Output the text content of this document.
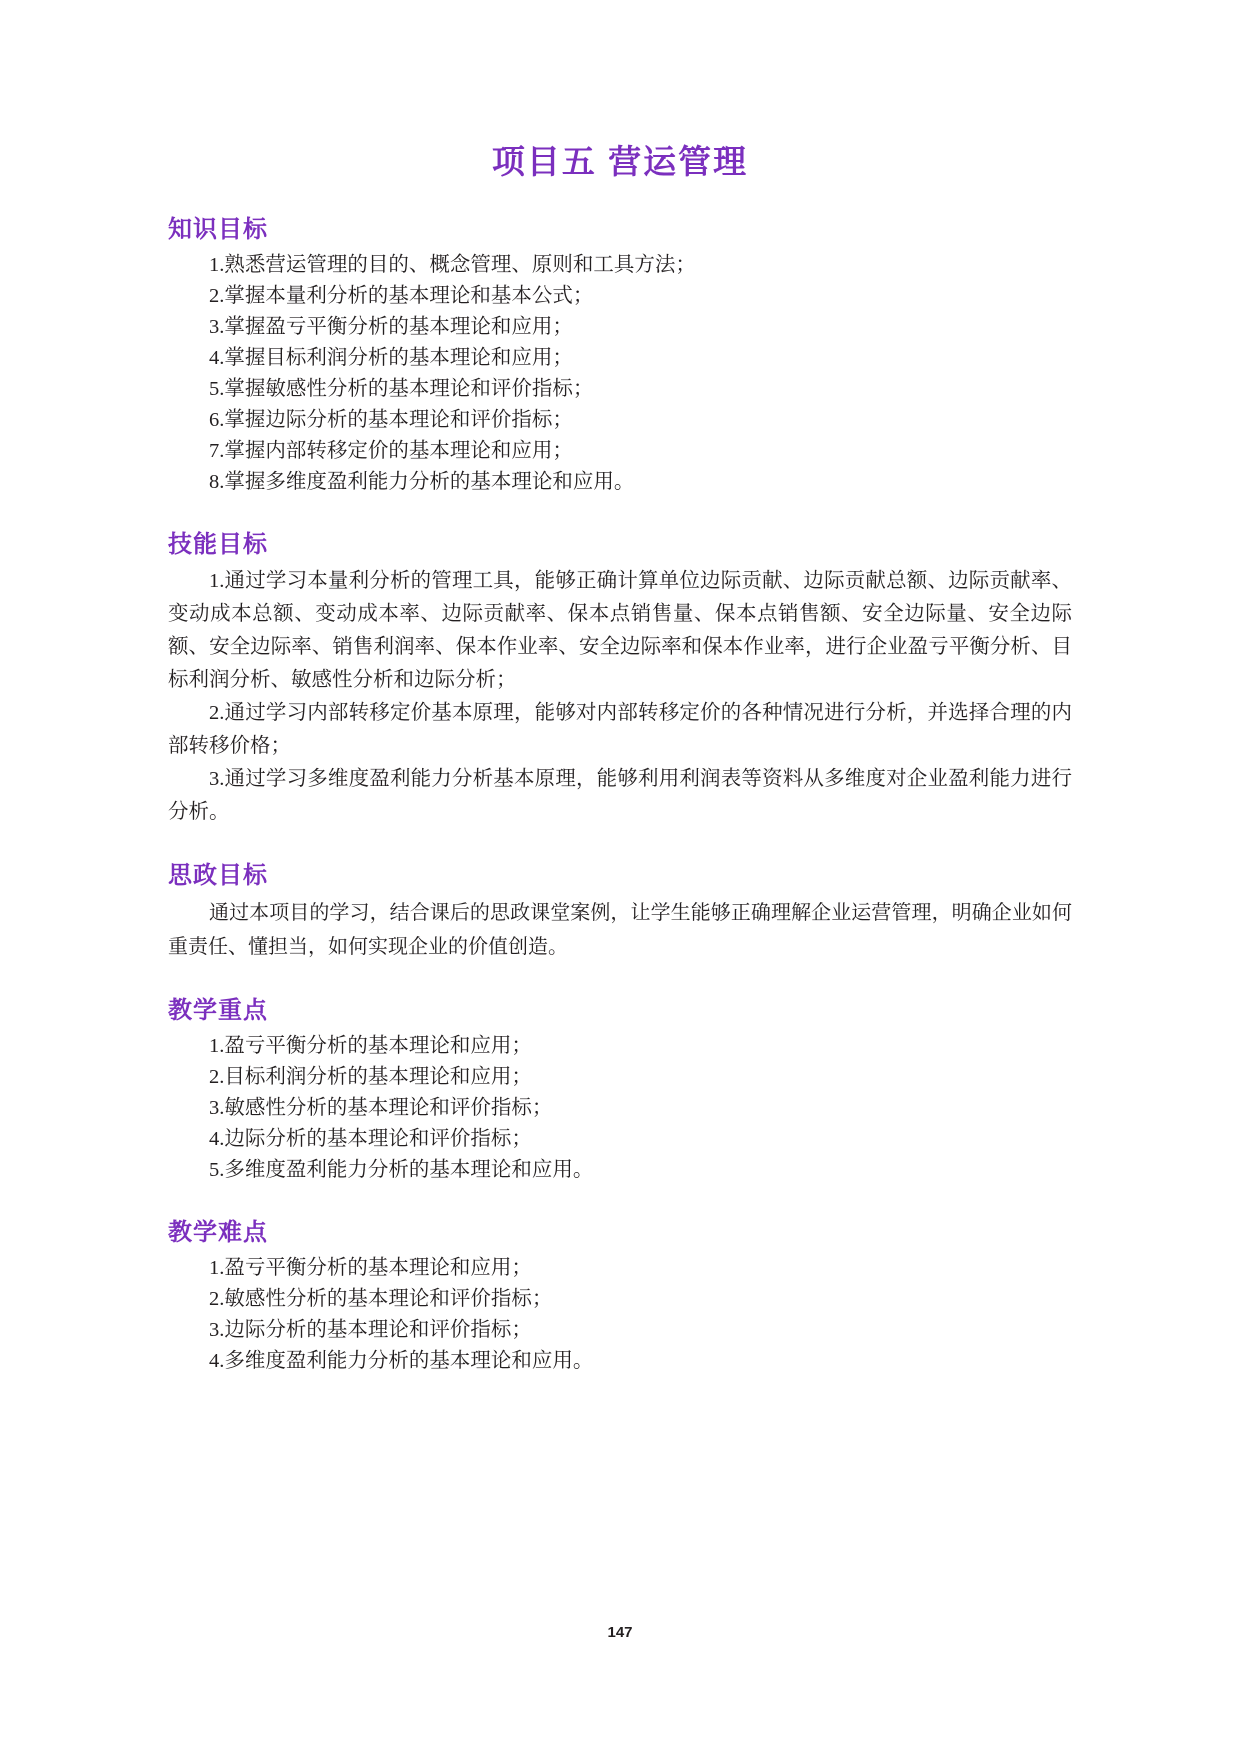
项目五 营运管理
知识目标
1.熟悉营运管理的目的、概念管理、原则和工具方法；
2.掌握本量利分析的基本理论和基本公式；
3.掌握盈亏平衡分析的基本理论和应用；
4.掌握目标利润分析的基本理论和应用；
5.掌握敏感性分析的基本理论和评价指标；
6.掌握边际分析的基本理论和评价指标；
7.掌握内部转移定价的基本理论和应用；
8.掌握多维度盈利能力分析的基本理论和应用。
技能目标

1.通过学习本量利分析的管理工具，能够正确计算单位边际贡献、边际贡献总额、边际贡献率、变动成本总额、变动成本率、边际贡献率、保本点销售量、保本点销售额、安全边际量、安全边际额、安全边际率、销售利润率、保本作业率、安全边际率和保本作业率，进行企业盈亏平衡分析、目标利润分析、敏感性分析和边际分析；

2.通过学习内部转移定价基本原理，能够对内部转移定价的各种情况进行分析，并选择合理的内部转移价格；

3.通过学习多维度盈利能力分析基本原理，能够利用利润表等资料从多维度对企业盈利能力进行分析。

思政目标

通过本项目的学习，结合课后的思政课堂案例，让学生能够正确理解企业运营管理，明确企业如何重责任、懂担当，如何实现企业的价值创造。

教学重点
1.盈亏平衡分析的基本理论和应用；
2.目标利润分析的基本理论和应用；
3.敏感性分析的基本理论和评价指标；
4.边际分析的基本理论和评价指标；
5.多维度盈利能力分析的基本理论和应用。
教学难点
1.盈亏平衡分析的基本理论和应用；
2.敏感性分析的基本理论和评价指标；
3.边际分析的基本理论和评价指标；
4.多维度盈利能力分析的基本理论和应用。
147
